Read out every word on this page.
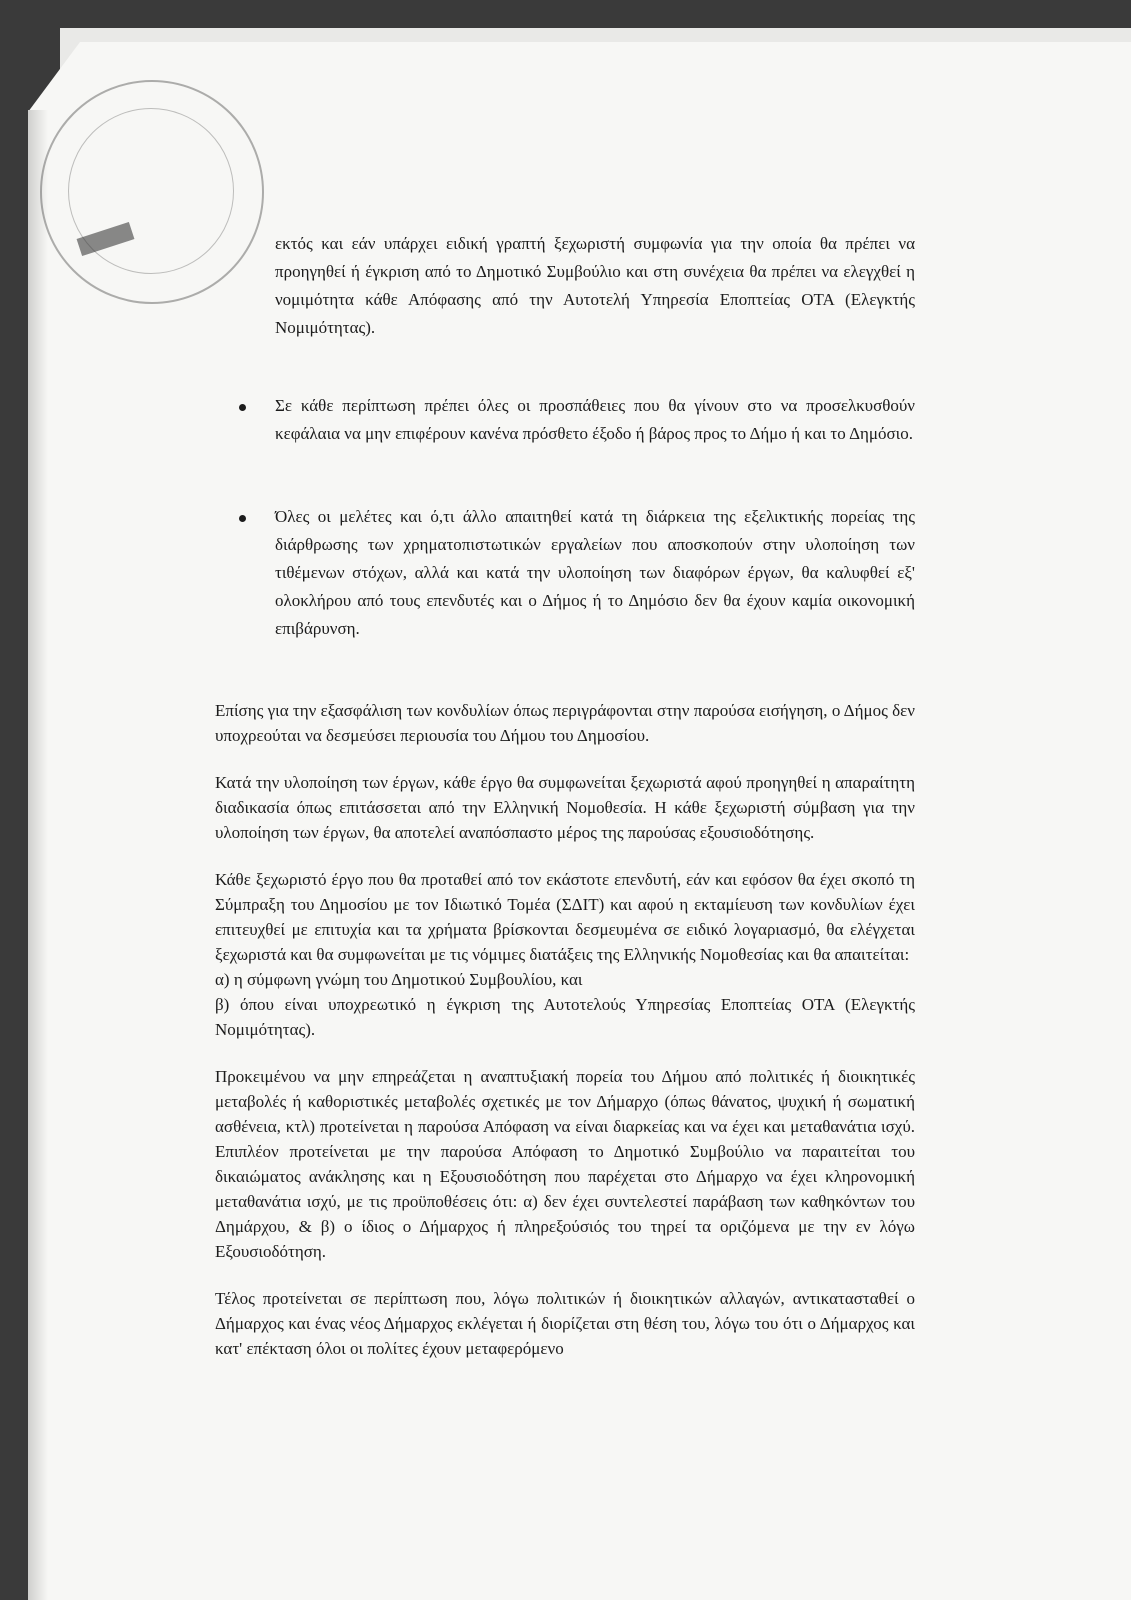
εκτός και εάν υπάρχει ειδική γραπτή ξεχωριστή συμφωνία για την οποία θα πρέπει να προηγηθεί ή έγκριση από το Δημοτικό Συμβούλιο και στη συνέχεια θα πρέπει να ελεγχθεί η νομιμότητα κάθε Απόφασης από την Αυτοτελή Υπηρεσία Εποπτείας ΟΤΑ (Ελεγκτής Νομιμότητας).

Σε κάθε περίπτωση πρέπει όλες οι προσπάθειες που θα γίνουν στο να προσελκυσθούν κεφάλαια να μην επιφέρουν κανένα πρόσθετο έξοδο ή βάρος προς το Δήμο ή και το Δημόσιο.
Όλες οι μελέτες και ό,τι άλλο απαιτηθεί κατά τη διάρκεια της εξελικτικής πορείας της διάρθρωσης των χρηματοπιστωτικών εργαλείων που αποσκοπούν στην υλοποίηση των τιθέμενων στόχων, αλλά και κατά την υλοποίηση των διαφόρων έργων, θα καλυφθεί εξ' ολοκλήρου από τους επενδυτές και ο Δήμος ή το Δημόσιο δεν θα έχουν καμία οικονομική επιβάρυνση.

Επίσης για την εξασφάλιση των κονδυλίων όπως περιγράφονται στην παρούσα εισήγηση, ο Δήμος δεν υποχρεούται να δεσμεύσει περιουσία του Δήμου του Δημοσίου.

Κατά την υλοποίηση των έργων, κάθε έργο θα συμφωνείται ξεχωριστά αφού προηγηθεί η απαραίτητη διαδικασία όπως επιτάσσεται από την Ελληνική Νομοθεσία. Η κάθε ξεχωριστή σύμβαση για την υλοποίηση των έργων, θα αποτελεί αναπόσπαστο μέρος της παρούσας εξουσιοδότησης.

Κάθε ξεχωριστό έργο που θα προταθεί από τον εκάστοτε επενδυτή, εάν και εφόσον θα έχει σκοπό τη Σύμπραξη του Δημοσίου με τον Ιδιωτικό Τομέα (ΣΔΙΤ) και αφού η εκταμίευση των κονδυλίων έχει επιτευχθεί με επιτυχία και τα χρήματα βρίσκονται δεσμευμένα σε ειδικό λογαριασμό, θα ελέγχεται ξεχωριστά και θα συμφωνείται με τις νόμιμες διατάξεις της Ελληνικής Νομοθεσίας και θα απαιτείται:
α) η σύμφωνη γνώμη του Δημοτικού Συμβουλίου, και
β) όπου είναι υποχρεωτικό η έγκριση της Αυτοτελούς Υπηρεσίας Εποπτείας ΟΤΑ (Ελεγκτής Νομιμότητας).

Προκειμένου να μην επηρεάζεται η αναπτυξιακή πορεία του Δήμου από πολιτικές ή διοικητικές μεταβολές ή καθοριστικές μεταβολές σχετικές με τον Δήμαρχο (όπως θάνατος, ψυχική ή σωματική ασθένεια, κτλ) προτείνεται η παρούσα Απόφαση να είναι διαρκείας και να έχει και μεταθανάτια ισχύ. Επιπλέον προτείνεται με την παρούσα Απόφαση το Δημοτικό Συμβούλιο να παραιτείται του δικαιώματος ανάκλησης και η Εξουσιοδότηση που παρέχεται στο Δήμαρχο να έχει κληρονομική μεταθανάτια ισχύ, με τις προϋποθέσεις ότι: α) δεν έχει συντελεστεί παράβαση των καθηκόντων του Δημάρχου, & β) ο ίδιος ο Δήμαρχος ή πληρεξούσιός του τηρεί τα οριζόμενα με την εν λόγω Εξουσιοδότηση.

Τέλος προτείνεται σε περίπτωση που, λόγω πολιτικών ή διοικητικών αλλαγών, αντικατασταθεί ο Δήμαρχος και ένας νέος Δήμαρχος εκλέγεται ή διορίζεται στη θέση του, λόγω του ότι ο Δήμαρχος και κατ' επέκταση όλοι οι πολίτες έχουν μεταφερόμενο
